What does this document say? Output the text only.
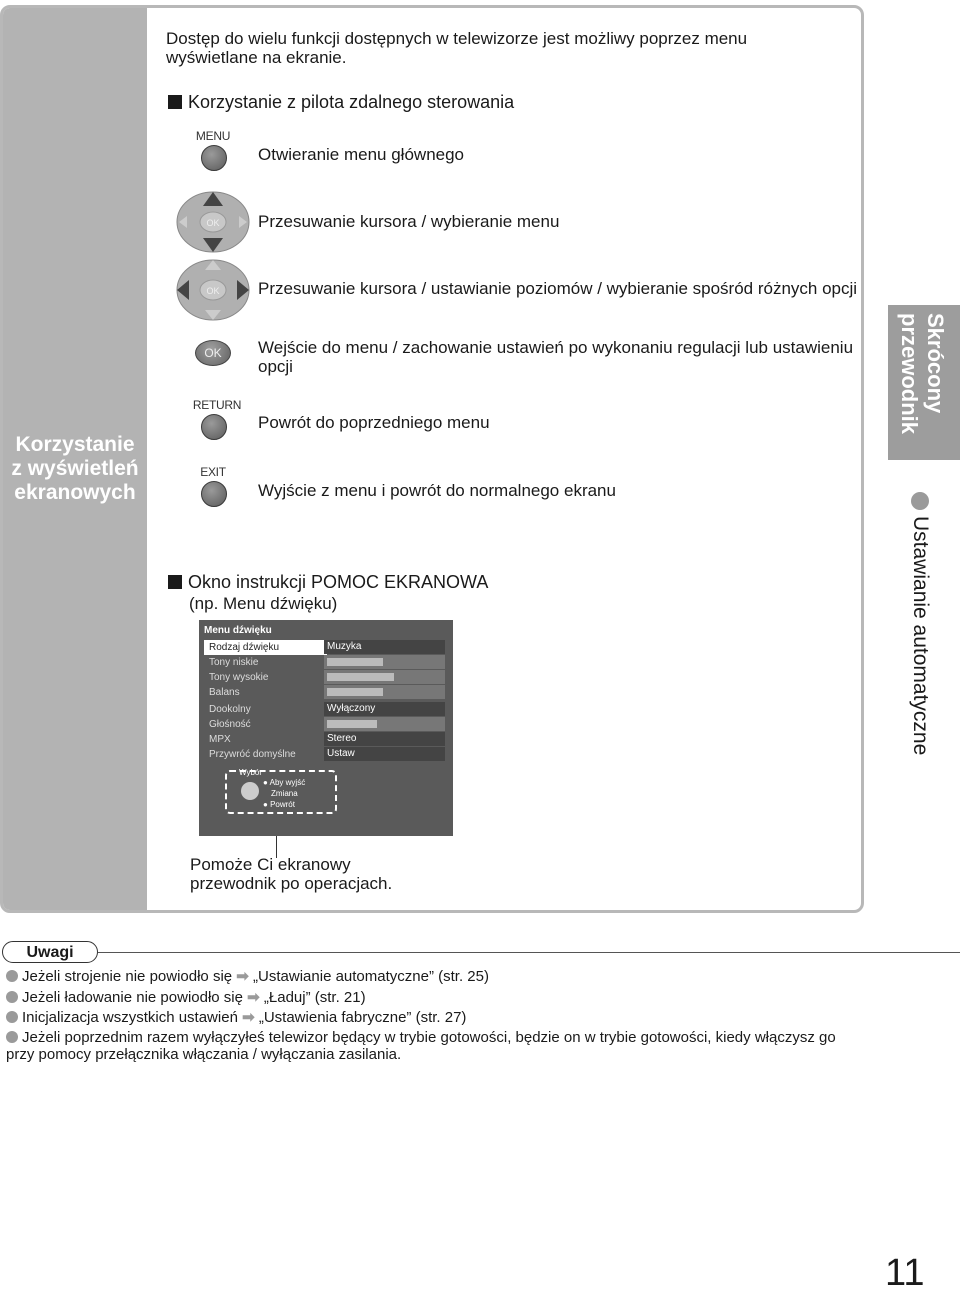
Korzystanie
z wyświetleń
ekranowych
Dostęp do wielu funkcji dostępnych w telewizorze jest możliwy poprzez menu wyświetlane na ekranie.
Korzystanie z pilota zdalnego sterowania
MENU
Otwieranie menu głównego
OK Przesuwanie kursora / wybieranie menu
OK Przesuwanie kursora / ustawianie poziomów / wybieranie spośród różnych opcji
OK	Wejście do menu / zachowanie ustawień po wykonaniu regulacji lub ustawieniu opcji
RETURN
Powrót do poprzedniego menu
EXIT
Wyjście z menu i powrót do normalnego ekranu
Okno instrukcji POMOC EKRANOWA
(np. Menu dźwięku)
Menu dźwięku
Rodzaj dźwięku	Muzyka
Tony niskie
Tony wysokie
Balans
Dookolny	Wyłączony
Głośność
MPX	Stereo
Przywróć domyślne	Ustaw
Wybór
● Aby wyjść
Zmiana
● Powrót
Pomoże Ci ekranowy przewodnik po operacjach.
Skrócony przewodnik
Ustawianie automatyczne
Uwagi
Jeżeli strojenie nie powiodło się ➡ „Ustawianie automatyczne” (str. 25)
Jeżeli ładowanie nie powiodło się ➡ „Ładuj” (str. 21)
Inicjalizacja wszystkich ustawień ➡ „Ustawienia fabryczne” (str. 27)
Jeżeli poprzednim razem wyłączyłeś telewizor będący w trybie gotowości, będzie on w trybie gotowości, kiedy włączysz go przy pomocy przełącznika włączania / wyłączania zasilania.
11
